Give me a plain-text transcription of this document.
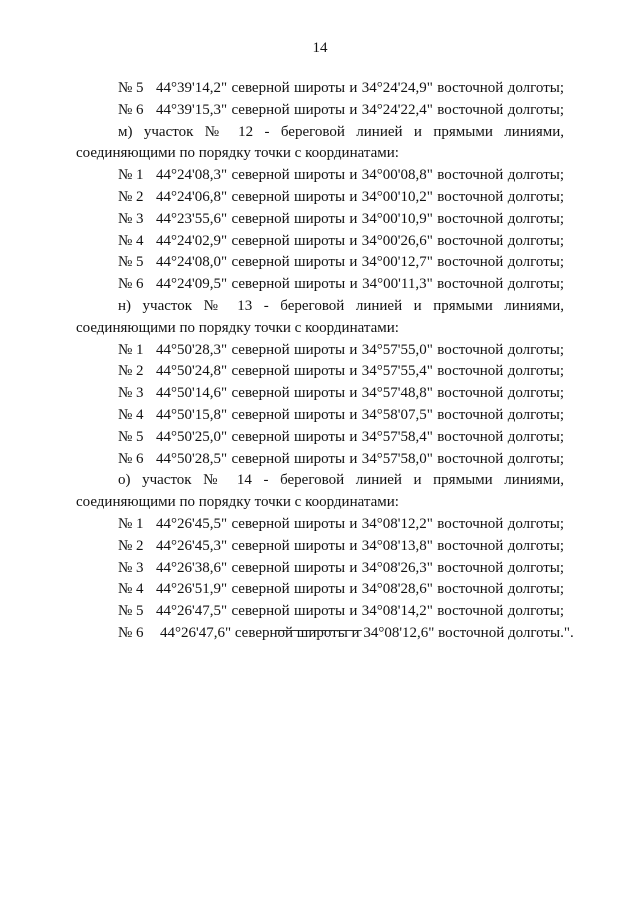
14
№ 5 44°39'14,2" северной широты и 34°24'24,9" восточной долготы;
№ 6 44°39'15,3" северной широты и 34°24'22,4" восточной долготы;
м) участок № 12 - береговой линией и прямыми линиями,
соединяющими по порядку точки с координатами:
№ 1 44°24'08,3" северной широты и 34°00'08,8" восточной долготы;
№ 2 44°24'06,8" северной широты и 34°00'10,2" восточной долготы;
№ 3 44°23'55,6" северной широты и 34°00'10,9" восточной долготы;
№ 4 44°24'02,9" северной широты и 34°00'26,6" восточной долготы;
№ 5 44°24'08,0" северной широты и 34°00'12,7" восточной долготы;
№ 6 44°24'09,5" северной широты и 34°00'11,3" восточной долготы;
н) участок № 13 - береговой линией и прямыми линиями,
соединяющими по порядку точки с координатами:
№ 1 44°50'28,3" северной широты и 34°57'55,0" восточной долготы;
№ 2 44°50'24,8" северной широты и 34°57'55,4" восточной долготы;
№ 3 44°50'14,6" северной широты и 34°57'48,8" восточной долготы;
№ 4 44°50'15,8" северной широты и 34°58'07,5" восточной долготы;
№ 5 44°50'25,0" северной широты и 34°57'58,4" восточной долготы;
№ 6 44°50'28,5" северной широты и 34°57'58,0" восточной долготы;
о) участок № 14 - береговой линией и прямыми линиями,
соединяющими по порядку точки с координатами:
№ 1 44°26'45,5" северной широты и 34°08'12,2" восточной долготы;
№ 2 44°26'45,3" северной широты и 34°08'13,8" восточной долготы;
№ 3 44°26'38,6" северной широты и 34°08'26,3" восточной долготы;
№ 4 44°26'51,9" северной широты и 34°08'28,6" восточной долготы;
№ 5 44°26'47,5" северной широты и 34°08'14,2" восточной долготы;
№ 6 44°26'47,6" северной широты и 34°08'12,6" восточной долготы.".
